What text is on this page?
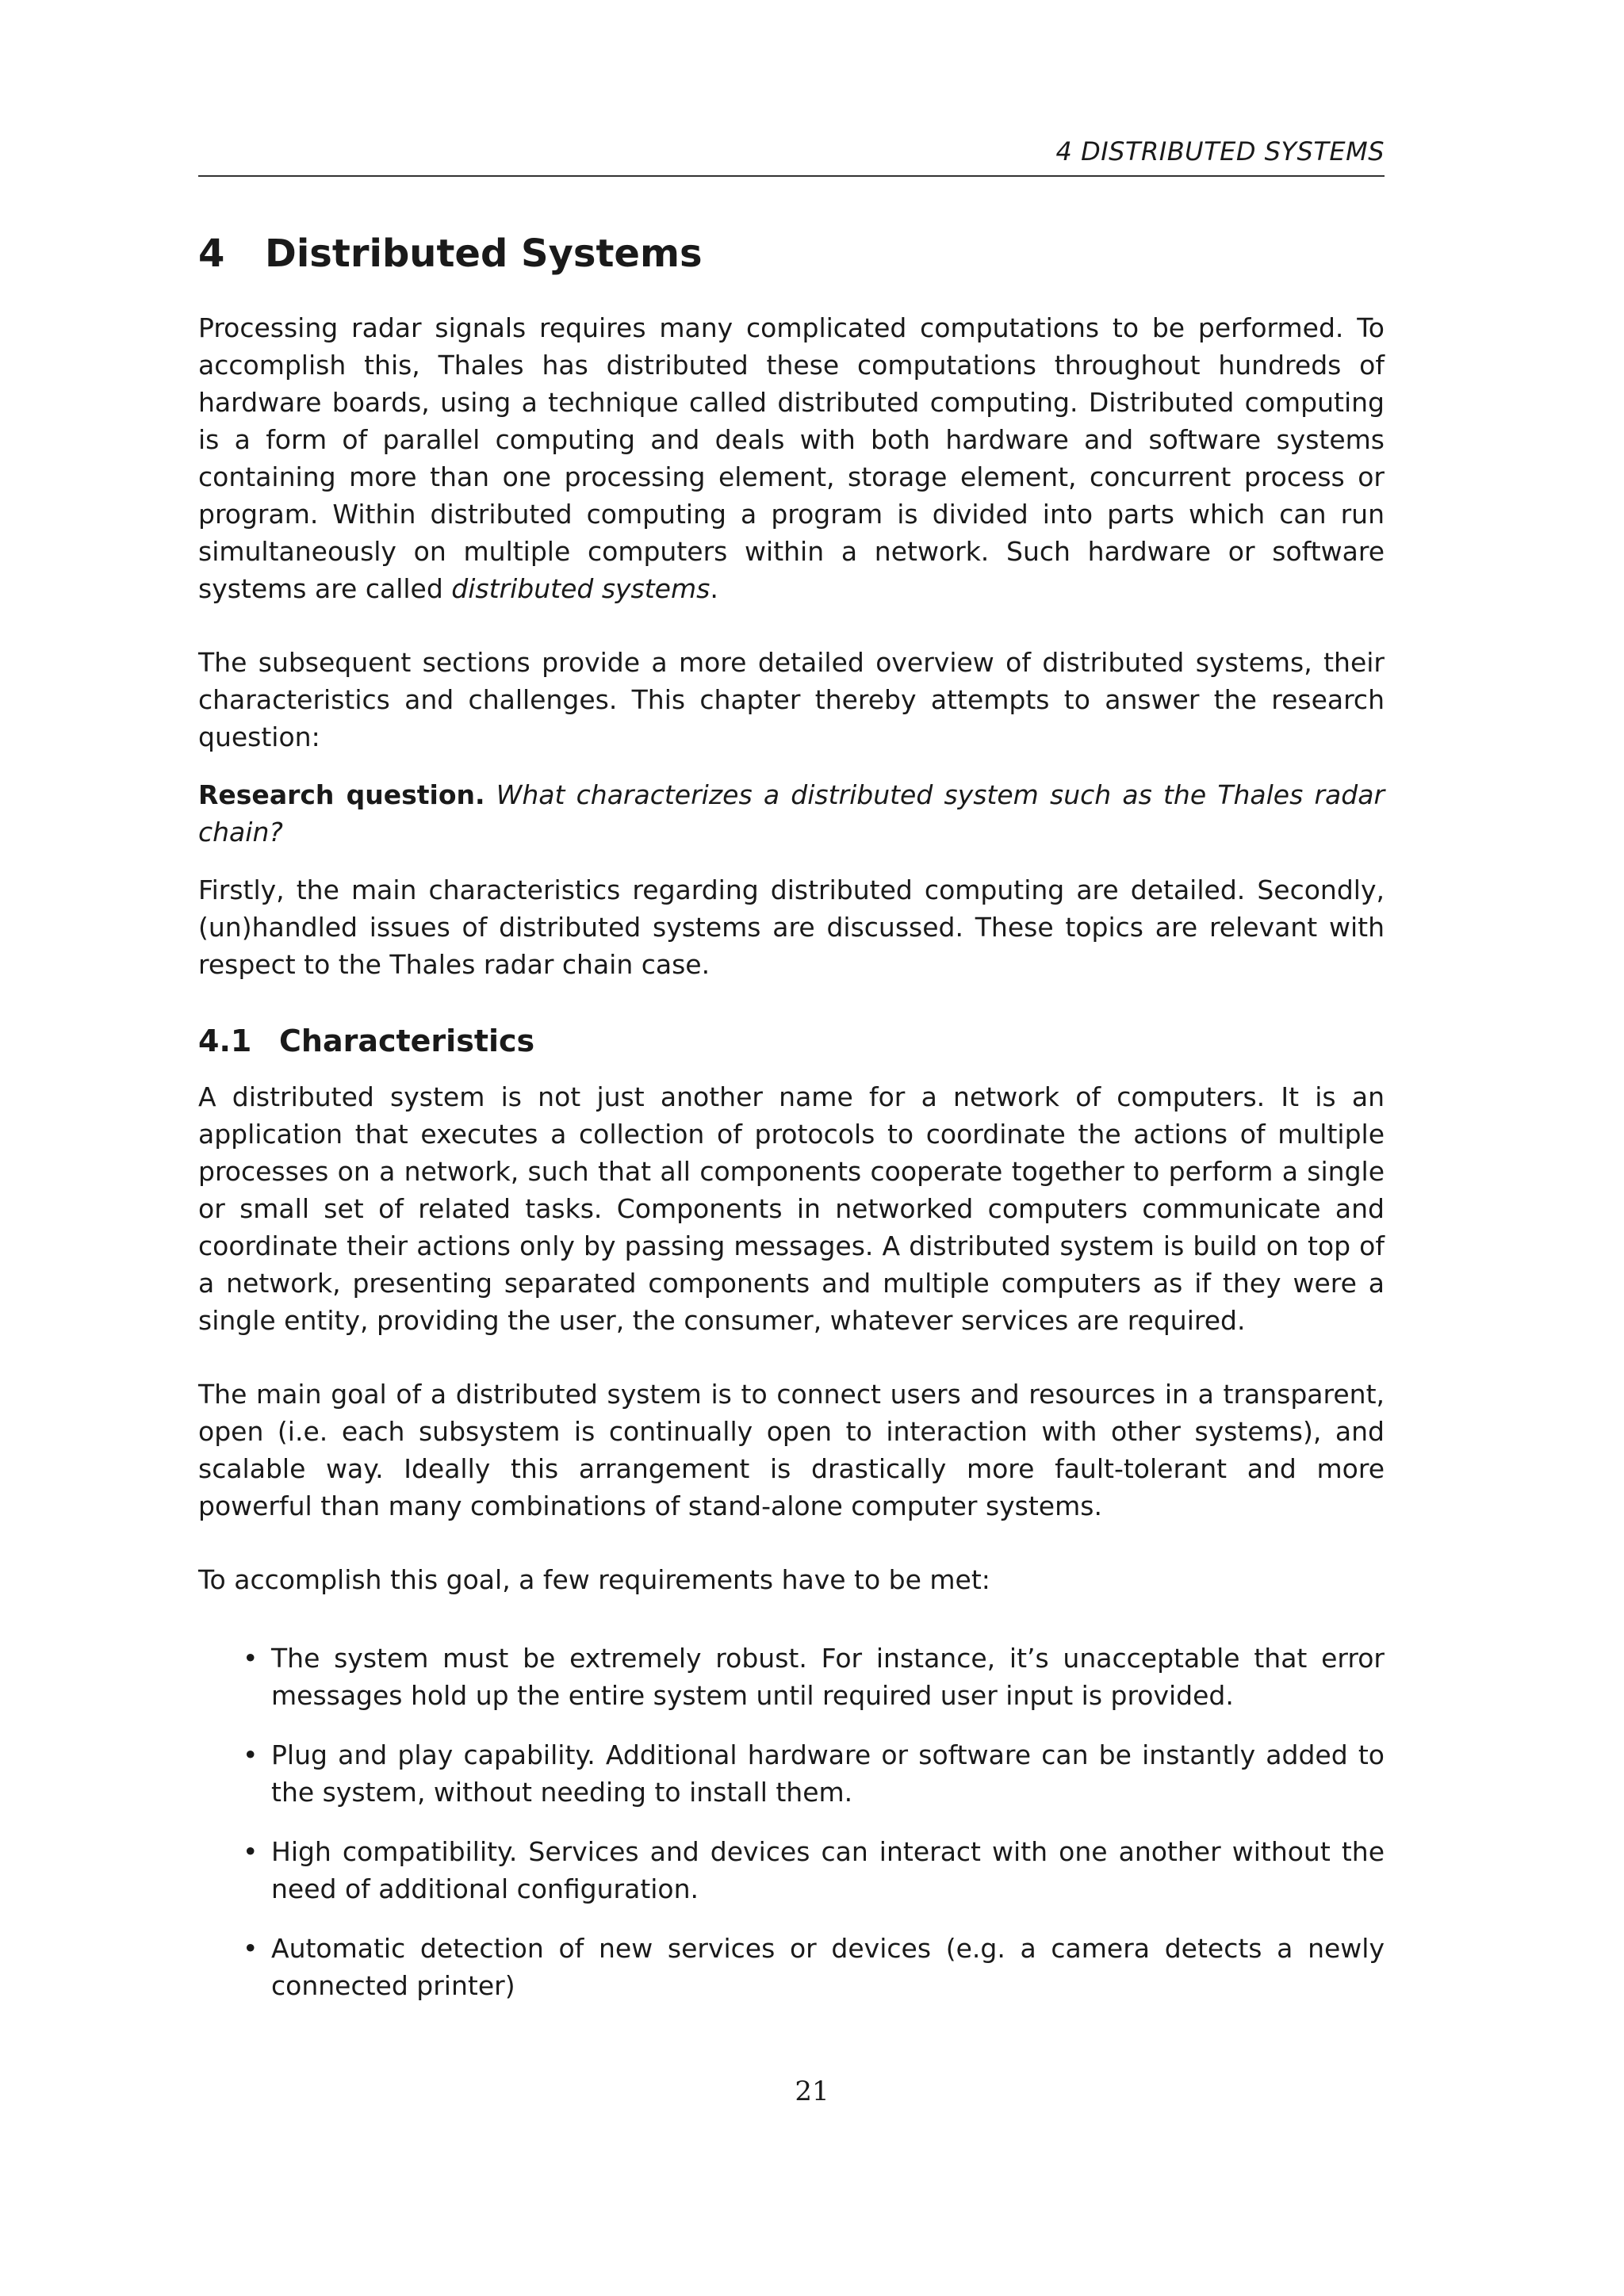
4 DISTRIBUTED SYSTEMS
4 Distributed Systems

Processing radar signals requires many complicated computations to be performed. To accomplish this, Thales has distributed these computations throughout hundreds of hardware boards, using a technique called distributed computing. Distributed computing is a form of parallel computing and deals with both hardware and software systems containing more than one processing element, storage element, concurrent process or program. Within distributed computing a program is divided into parts which can run simultaneously on multiple computers within a network. Such hardware or software systems are called distributed systems.

The subsequent sections provide a more detailed overview of distributed systems, their characteristics and challenges. This chapter thereby attempts to answer the research question:

Research question. What characterizes a distributed system such as the Thales radar chain?

Firstly, the main characteristics regarding distributed computing are detailed. Secondly, (un)handled issues of distributed systems are discussed. These topics are relevant with respect to the Thales radar chain case.

4.1 Characteristics

A distributed system is not just another name for a network of computers. It is an application that executes a collection of protocols to coordinate the actions of multiple processes on a network, such that all components cooperate together to perform a single or small set of related tasks. Components in networked computers communicate and coordinate their actions only by passing messages. A distributed system is build on top of a network, presenting separated components and multiple computers as if they were a single entity, providing the user, the consumer, whatever services are required.

The main goal of a distributed system is to connect users and resources in a transparent, open (i.e. each subsystem is continually open to interaction with other systems), and scalable way. Ideally this arrangement is drastically more fault-tolerant and more powerful than many combinations of stand-alone computer systems.

To accomplish this goal, a few requirements have to be met:

• The system must be extremely robust. For instance, it’s unacceptable that error messages hold up the entire system until required user input is provided.
• Plug and play capability. Additional hardware or software can be instantly added to the system, without needing to install them.
• High compatibility. Services and devices can interact with one another without the need of additional configuration.
• Automatic detection of new services or devices (e.g. a camera detects a newly connected printer)
21
